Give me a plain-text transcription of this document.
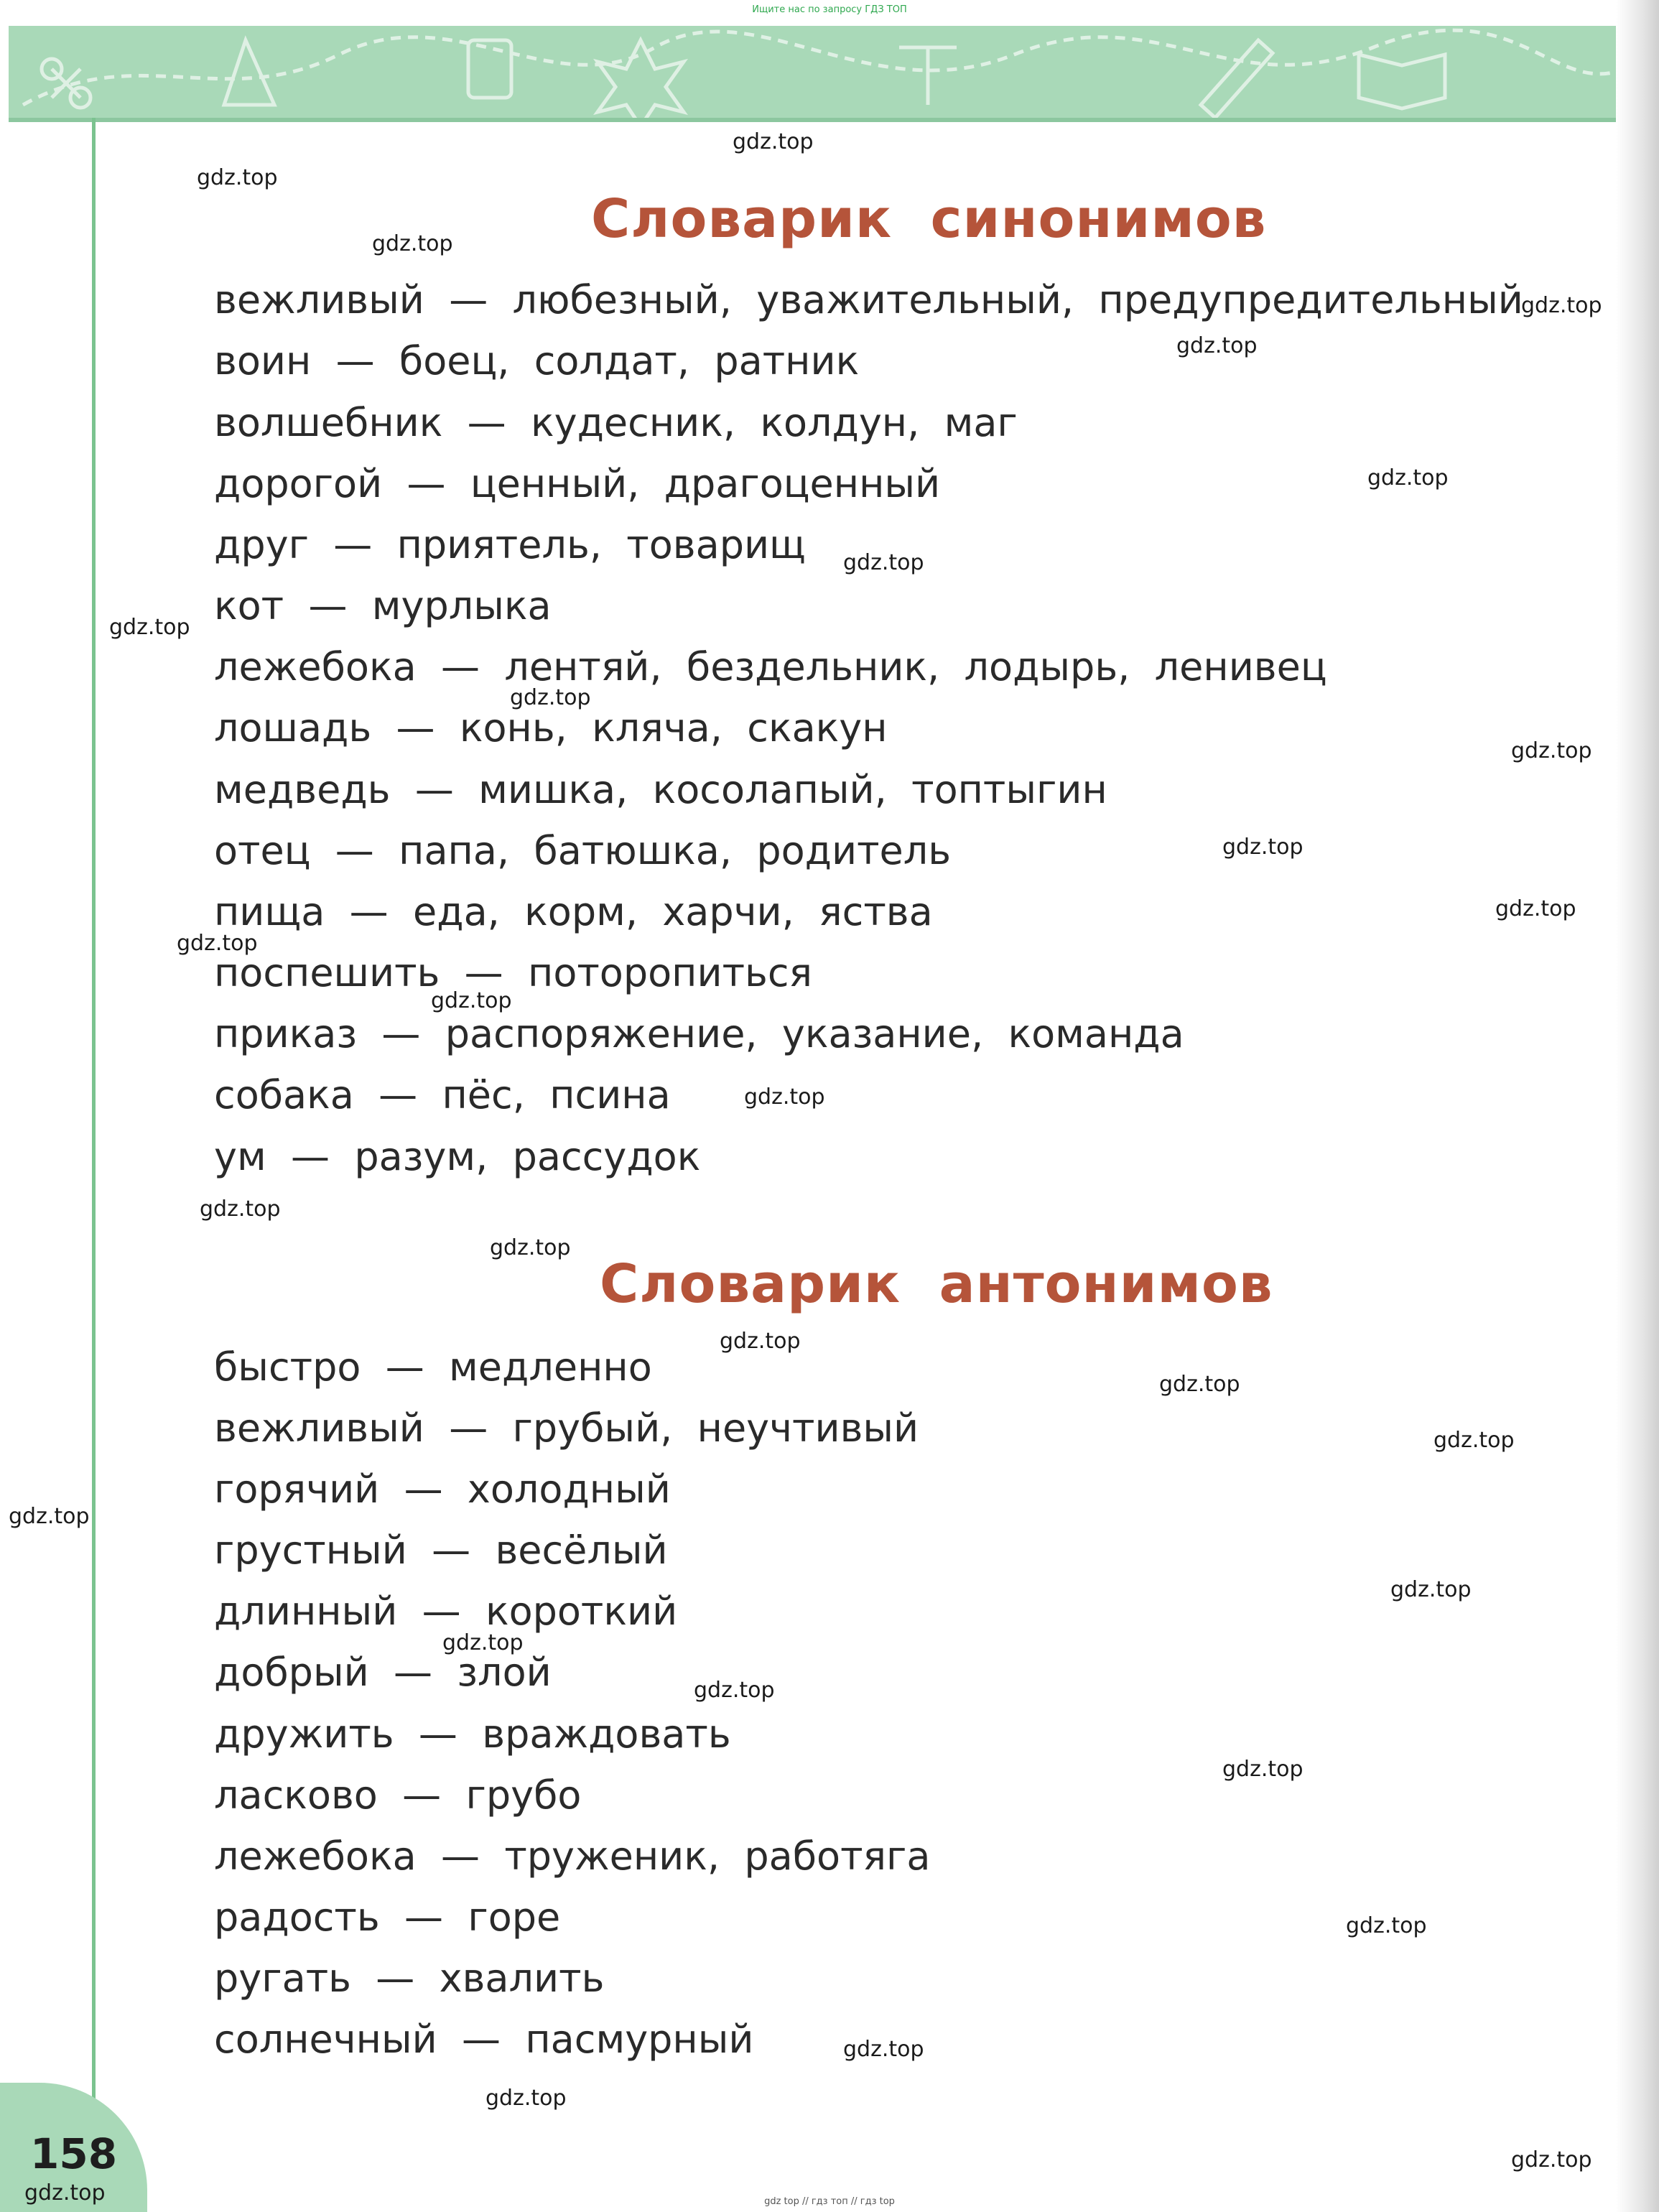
Ищите нас по запросу ГДЗ ТОП
158
Словарик  синонимов
вежливый  —  любезный,  уважительный,  предупредительный
воин  —  боец,  солдат,  ратник
волшебник  —  кудесник,  колдун,  маг
дорогой  —  ценный,  драгоценный
друг  —  приятель,  товарищ
кот  —  мурлыка
лежебока  —  лентяй,  бездельник,  лодырь,  ленивец
лошадь  —  конь,  кляча,  скакун
медведь  —  мишка,  косолапый,  топтыгин
отец  —  папа,  батюшка,  родитель
пища  —  еда,  корм,  харчи,  яства
поспешить  —  поторопиться
приказ  —  распоряжение,  указание,  команда
собака  —  пёс,  псина
ум  —  разум,  рассудок
Словарик  антонимов
быстро  —  медленно
вежливый  —  грубый,  неучтивый
горячий  —  холодный
грустный  —  весёлый
длинный  —  короткий
добрый  —  злой
дружить  —  враждовать
ласково  —  грубо
лежебока  —  труженик,  работяга
радость  —  горе
ругать  —  хвалить
солнечный  —  пасмурный
gdz.top
gdz.top
gdz.top
gdz.top
gdz.top
gdz.top
gdz.top
gdz.top
gdz.top
gdz.top
gdz.top
gdz.top
gdz.top
gdz.top
gdz.top
gdz.top
gdz.top
gdz.top
gdz.top
gdz.top
gdz.top
gdz.top
gdz.top
gdz.top
gdz.top
gdz.top
gdz.top
gdz.top
gdz.top
gdz.top	gdz top // гдз топ // гдз top
